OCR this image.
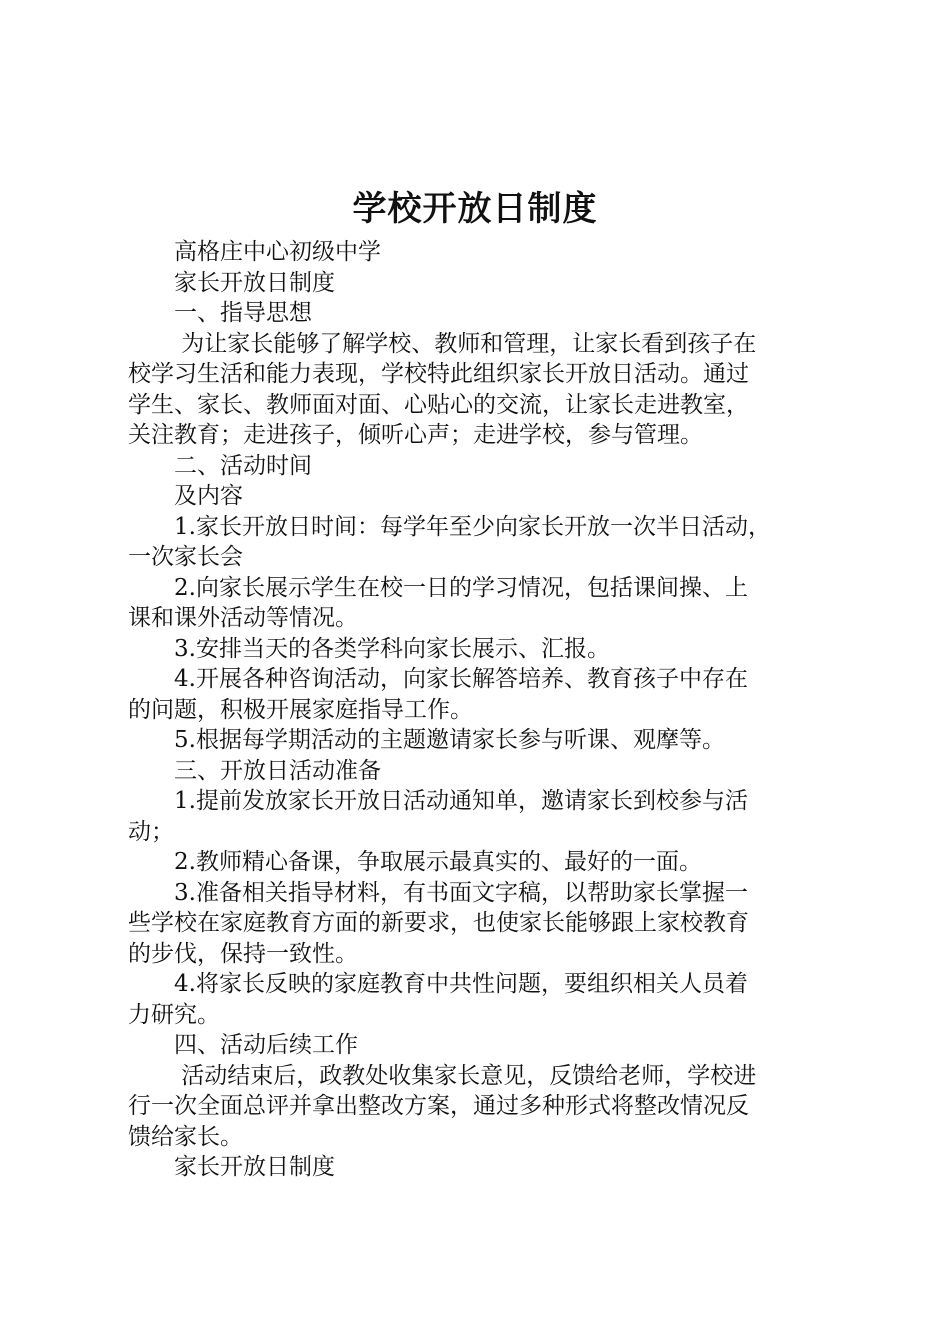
学校开放日制度
　　高格庄中心初级中学
　　家长开放日制度
　　一、指导思想
　　 为让家长能够了解学校、教师和管理，让家长看到孩子在
校学习生活和能力表现，学校特此组织家长开放日活动。通过
学生、家长、教师面对面、心贴心的交流，让家长走进教室，
关注教育；走进孩子，倾听心声；走进学校，参与管理。
　　二、活动时间
　　及内容
　　1.家长开放日时间：每学年至少向家长开放一次半日活动，
一次家长会
　　2.向家长展示学生在校一日的学习情况，包括课间操、上
课和课外活动等情况。
　　3.安排当天的各类学科向家长展示、汇报。
　　4.开展各种咨询活动，向家长解答培养、教育孩子中存在
的问题，积极开展家庭指导工作。
　　5.根据每学期活动的主题邀请家长参与听课、观摩等。
　　三、开放日活动准备
　　1.提前发放家长开放日活动通知单，邀请家长到校参与活
动；
　　2.教师精心备课，争取展示最真实的、最好的一面。
　　3.准备相关指导材料，有书面文字稿，以帮助家长掌握一
些学校在家庭教育方面的新要求，也使家长能够跟上家校教育
的步伐，保持一致性。
　　4.将家长反映的家庭教育中共性问题，要组织相关人员着
力研究。
　　四、活动后续工作
　　 活动结束后，政教处收集家长意见，反馈给老师，学校进
行一次全面总评并拿出整改方案，通过多种形式将整改情况反
馈给家长。
　　家长开放日制度
